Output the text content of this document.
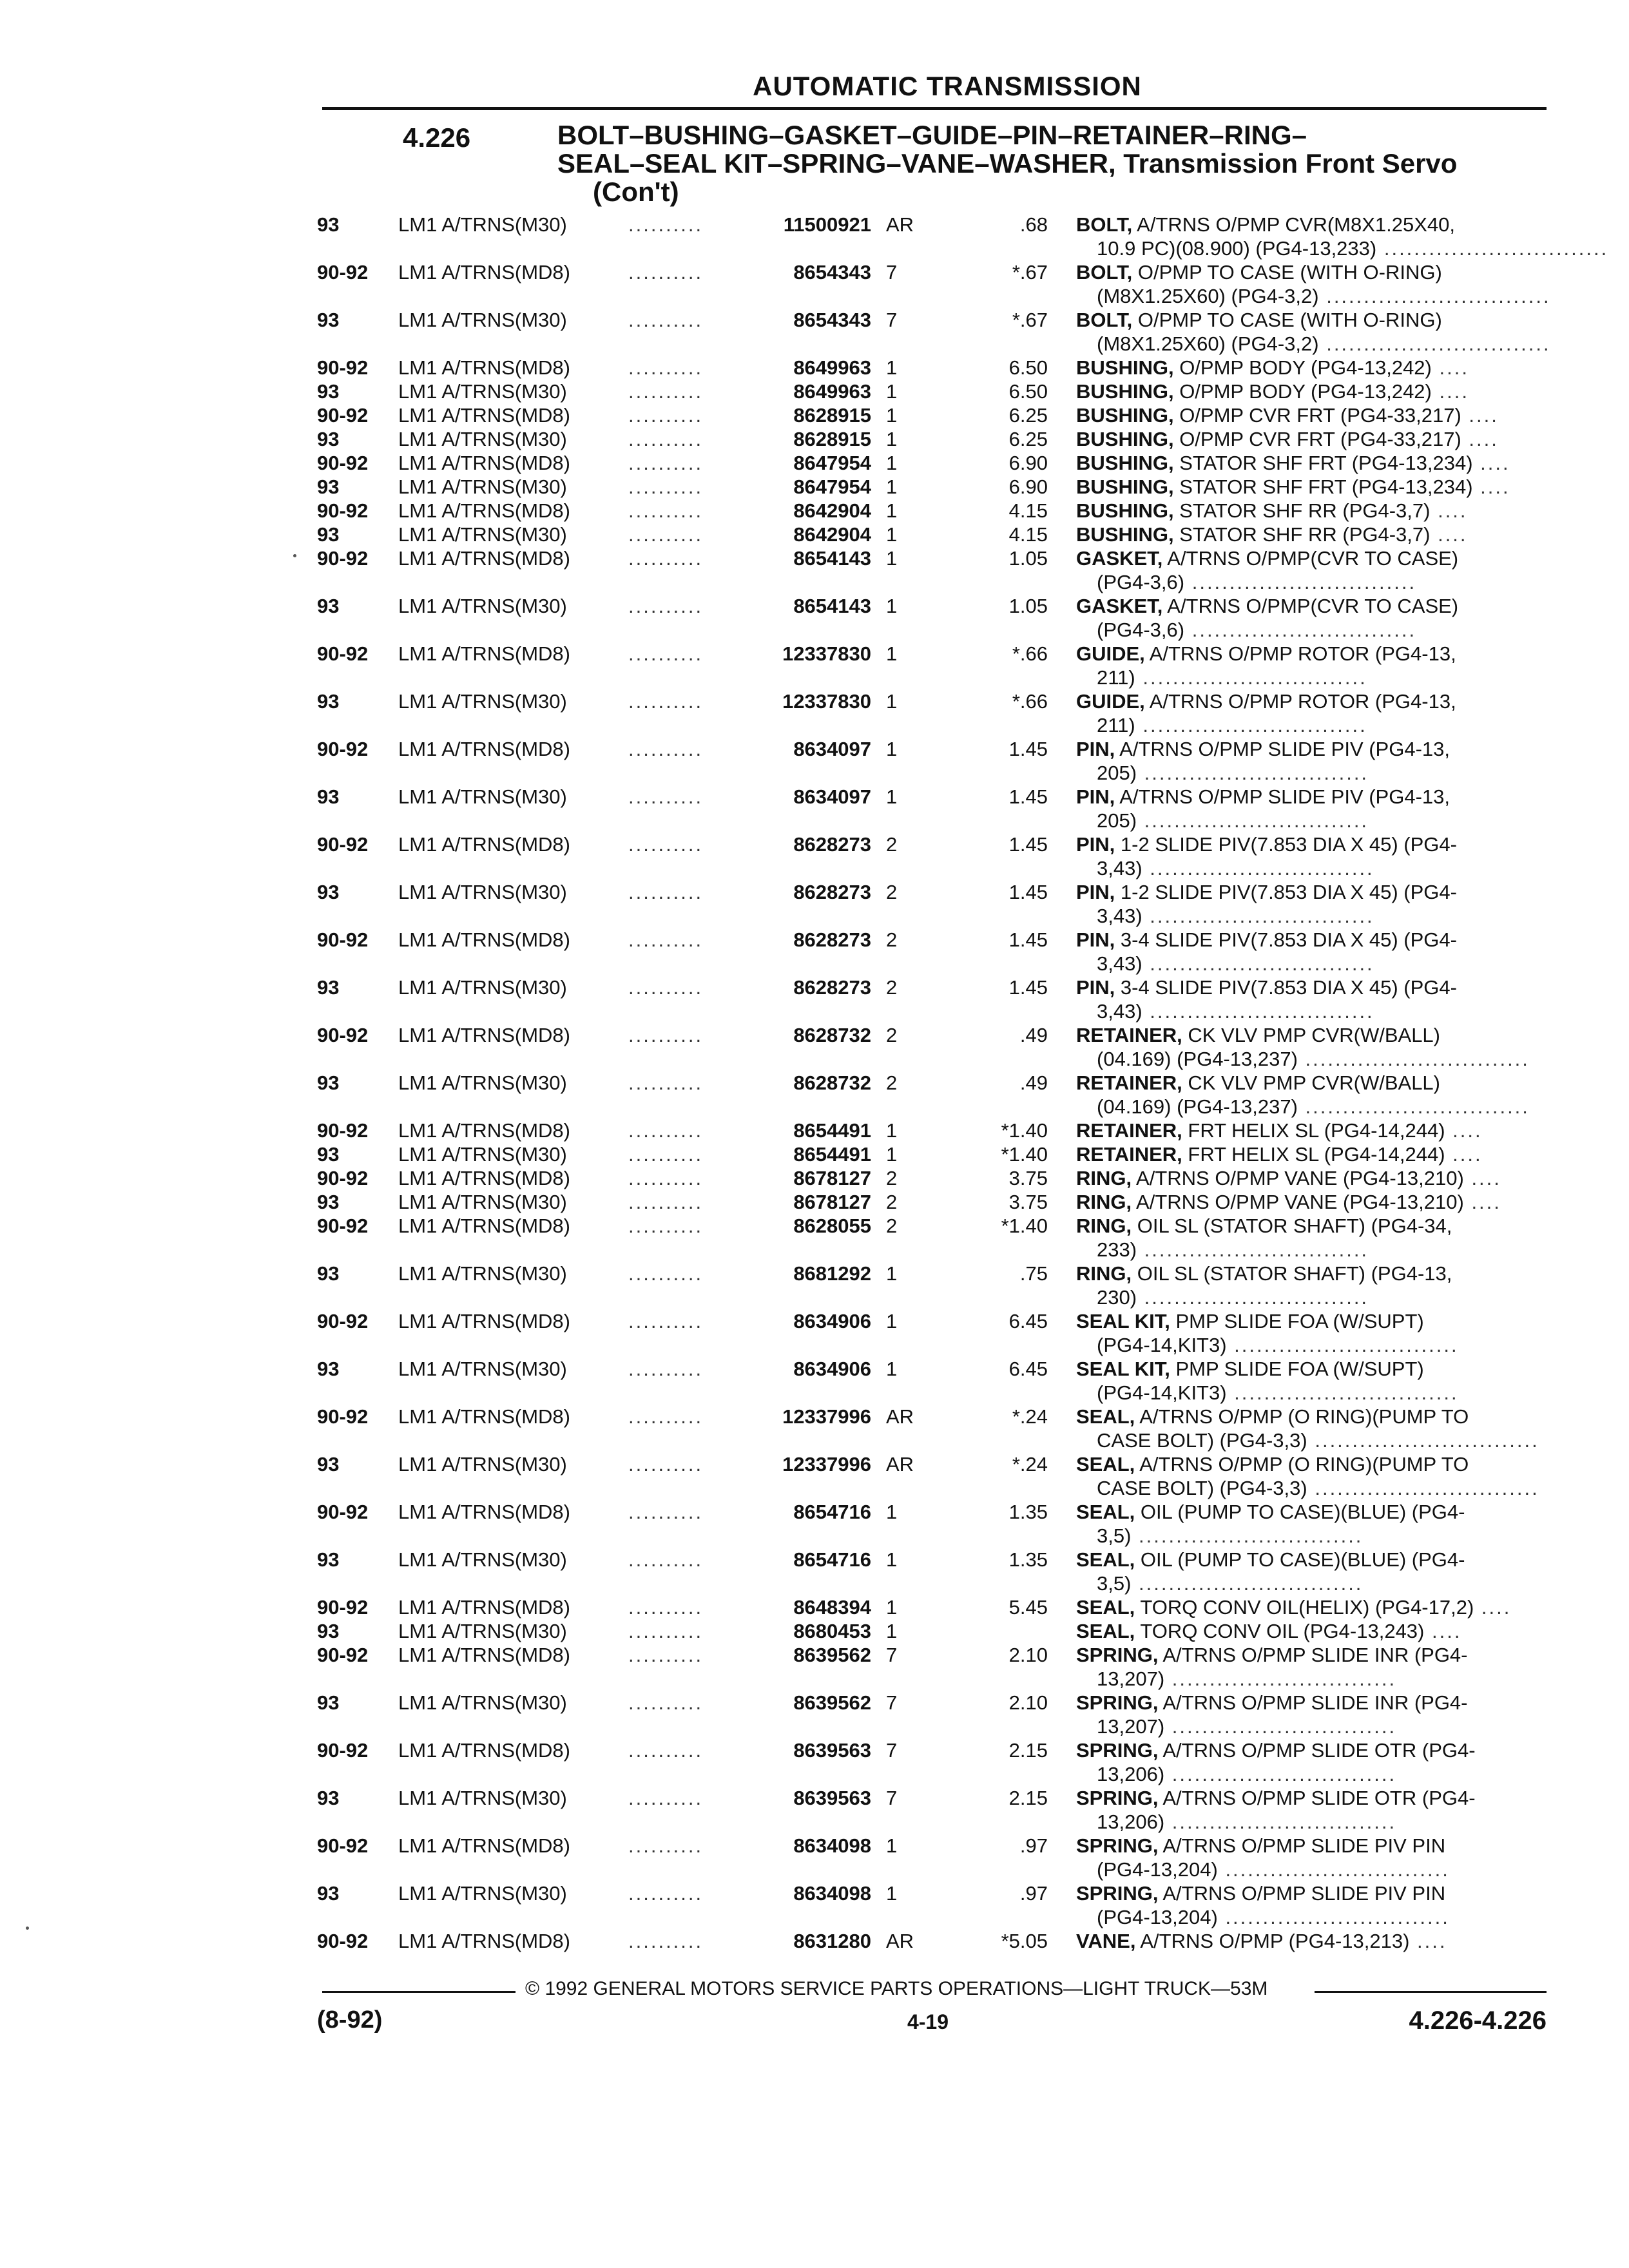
AUTOMATIC TRANSMISSION
4.226	BOLT–BUSHING–GASKET–GUIDE–PIN–RETAINER–RING–
SEAL–SEAL KIT–SPRING–VANE–WASHER, Transmission Front Servo
(Con't)
93	LM1 A/TRNS(M30)	..........	11500921 AR	.68 BOLT, A/TRNS O/PMP CVR(M8X1.25X40,
10.9 PC)(08.900) (PG4-13,233) ..............................
90-92	LM1 A/TRNS(MD8)	..........	8654343 7	*.67 BOLT, O/PMP TO CASE (WITH O-RING)
(M8X1.25X60) (PG4-3,2) ..............................
93	LM1 A/TRNS(M30)	..........	8654343 7	*.67 BOLT, O/PMP TO CASE (WITH O-RING)
(M8X1.25X60) (PG4-3,2) ..............................
90-92	LM1 A/TRNS(MD8)	..........	8649963 1	6.50 BUSHING, O/PMP BODY (PG4-13,242) ....
93	LM1 A/TRNS(M30)	..........	8649963 1	6.50 BUSHING, O/PMP BODY (PG4-13,242) ....
90-92	LM1 A/TRNS(MD8)	..........	8628915 1	6.25 BUSHING, O/PMP CVR FRT (PG4-33,217) ....
93	LM1 A/TRNS(M30)	..........	8628915 1	6.25 BUSHING, O/PMP CVR FRT (PG4-33,217) ....
90-92	LM1 A/TRNS(MD8)	..........	8647954 1	6.90 BUSHING, STATOR SHF FRT (PG4-13,234) ....
93	LM1 A/TRNS(M30)	..........	8647954 1	6.90 BUSHING, STATOR SHF FRT (PG4-13,234) ....
90-92	LM1 A/TRNS(MD8)	..........	8642904 1	4.15 BUSHING, STATOR SHF RR (PG4-3,7) ....
93	LM1 A/TRNS(M30)	..........	8642904 1	4.15 BUSHING, STATOR SHF RR (PG4-3,7) ....
90-92	LM1 A/TRNS(MD8)	..........	8654143 1	1.05 GASKET, A/TRNS O/PMP(CVR TO CASE)
(PG4-3,6) ..............................
93	LM1 A/TRNS(M30)	..........	8654143 1	1.05 GASKET, A/TRNS O/PMP(CVR TO CASE)
(PG4-3,6) ..............................
90-92	LM1 A/TRNS(MD8)	..........	12337830 1	*.66 GUIDE, A/TRNS O/PMP ROTOR (PG4-13,
211) ..............................
93	LM1 A/TRNS(M30)	..........	12337830 1	*.66 GUIDE, A/TRNS O/PMP ROTOR (PG4-13,
211) ..............................
90-92	LM1 A/TRNS(MD8)	..........	8634097 1	1.45 PIN, A/TRNS O/PMP SLIDE PIV (PG4-13,
205) ..............................
93	LM1 A/TRNS(M30)	..........	8634097 1	1.45 PIN, A/TRNS O/PMP SLIDE PIV (PG4-13,
205) ..............................
90-92	LM1 A/TRNS(MD8)	..........	8628273 2	1.45 PIN, 1-2 SLIDE PIV(7.853 DIA X 45) (PG4-
3,43) ..............................
93	LM1 A/TRNS(M30)	..........	8628273 2	1.45 PIN, 1-2 SLIDE PIV(7.853 DIA X 45) (PG4-
3,43) ..............................
90-92	LM1 A/TRNS(MD8)	..........	8628273 2	1.45 PIN, 3-4 SLIDE PIV(7.853 DIA X 45) (PG4-
3,43) ..............................
93	LM1 A/TRNS(M30)	..........	8628273 2	1.45 PIN, 3-4 SLIDE PIV(7.853 DIA X 45) (PG4-
3,43) ..............................
90-92	LM1 A/TRNS(MD8)	..........	8628732 2	.49 RETAINER, CK VLV PMP CVR(W/BALL)
(04.169) (PG4-13,237) ..............................
93	LM1 A/TRNS(M30)	..........	8628732 2	.49 RETAINER, CK VLV PMP CVR(W/BALL)
(04.169) (PG4-13,237) ..............................
90-92	LM1 A/TRNS(MD8)	..........	8654491 1	*1.40 RETAINER, FRT HELIX SL (PG4-14,244) ....
93	LM1 A/TRNS(M30)	..........	8654491 1	*1.40 RETAINER, FRT HELIX SL (PG4-14,244) ....
90-92	LM1 A/TRNS(MD8)	..........	8678127 2	3.75 RING, A/TRNS O/PMP VANE (PG4-13,210) ....
93	LM1 A/TRNS(M30)	..........	8678127 2	3.75 RING, A/TRNS O/PMP VANE (PG4-13,210) ....
90-92	LM1 A/TRNS(MD8)	..........	8628055 2	*1.40 RING, OIL SL (STATOR SHAFT) (PG4-34,
233) ..............................
93	LM1 A/TRNS(M30)	..........	8681292 1	.75 RING, OIL SL (STATOR SHAFT) (PG4-13,
230) ..............................
90-92	LM1 A/TRNS(MD8)	..........	8634906 1	6.45 SEAL KIT, PMP SLIDE FOA (W/SUPT)
(PG4-14,KIT3) ..............................
93	LM1 A/TRNS(M30)	..........	8634906 1	6.45 SEAL KIT, PMP SLIDE FOA (W/SUPT)
(PG4-14,KIT3) ..............................
90-92	LM1 A/TRNS(MD8)	..........	12337996 AR	*.24 SEAL, A/TRNS O/PMP (O RING)(PUMP TO
CASE BOLT) (PG4-3,3) ..............................
93	LM1 A/TRNS(M30)	..........	12337996 AR	*.24 SEAL, A/TRNS O/PMP (O RING)(PUMP TO
CASE BOLT) (PG4-3,3) ..............................
90-92	LM1 A/TRNS(MD8)	..........	8654716 1	1.35 SEAL, OIL (PUMP TO CASE)(BLUE) (PG4-
3,5) ..............................
93	LM1 A/TRNS(M30)	..........	8654716 1	1.35 SEAL, OIL (PUMP TO CASE)(BLUE) (PG4-
3,5) ..............................
90-92	LM1 A/TRNS(MD8)	..........	8648394 1	5.45 SEAL, TORQ CONV OIL(HELIX) (PG4-17,2) ....
93	LM1 A/TRNS(M30)	..........	8680453 1	SEAL, TORQ CONV OIL (PG4-13,243) ....
90-92	LM1 A/TRNS(MD8)	..........	8639562 7	2.10 SPRING, A/TRNS O/PMP SLIDE INR (PG4-
13,207) ..............................
93	LM1 A/TRNS(M30)	..........	8639562 7	2.10 SPRING, A/TRNS O/PMP SLIDE INR (PG4-
13,207) ..............................
90-92	LM1 A/TRNS(MD8)	..........	8639563 7	2.15 SPRING, A/TRNS O/PMP SLIDE OTR (PG4-
13,206) ..............................
93	LM1 A/TRNS(M30)	..........	8639563 7	2.15 SPRING, A/TRNS O/PMP SLIDE OTR (PG4-
13,206) ..............................
90-92	LM1 A/TRNS(MD8)	..........	8634098 1	.97 SPRING, A/TRNS O/PMP SLIDE PIV PIN
(PG4-13,204) ..............................
93	LM1 A/TRNS(M30)	..........	8634098 1	.97 SPRING, A/TRNS O/PMP SLIDE PIV PIN
(PG4-13,204) ..............................
90-92	LM1 A/TRNS(MD8)	..........	8631280 AR	*5.05 VANE, A/TRNS O/PMP (PG4-13,213) ....
© 1992 GENERAL MOTORS SERVICE PARTS OPERATIONS—LIGHT TRUCK—53M
(8-92)	4-19	4.226-4.226
